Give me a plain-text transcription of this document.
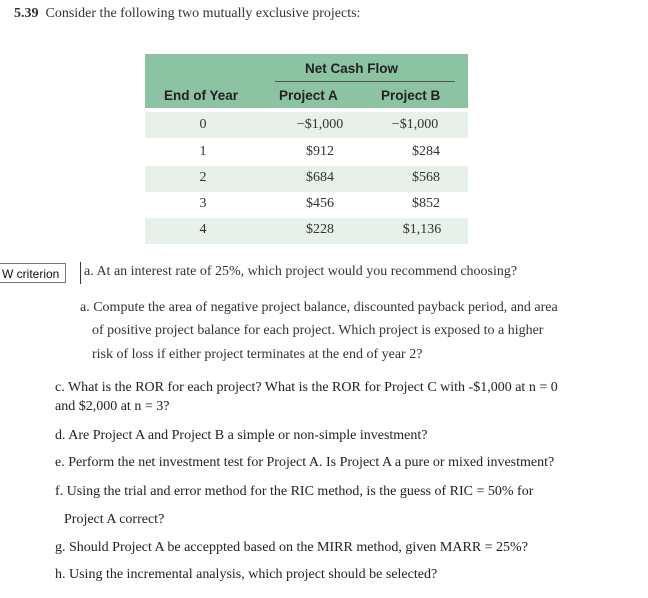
5.39 Consider the following two mutually exclusive projects:
Net Cash Flow
End of Year	Project A	Project B
0	−$1,000	−$1,000
1	$912	$284
2	$684	$568
3	$456	$852
4	$228	$1,136
W criterion	a. At an interest rate of 25%, which project would you recommend choosing?
a. Compute the area of negative project balance, discounted payback period, and area
of positive project balance for each project. Which project is exposed to a higher
risk of loss if either project terminates at the end of year 2?
c. What is the ROR for each project? What is the ROR for Project C with -$1,000 at n = 0
and $2,000 at n = 3?
d. Are Project A and Project B a simple or non-simple investment?
e. Perform the net investment test for Project A. Is Project A a pure or mixed investment?
f. Using the trial and error method for the RIC method, is the guess of RIC = 50% for
Project A correct?
g. Should Project A be acceppted based on the MIRR method, given MARR = 25%?
h. Using the incremental analysis, which project should be selected?
